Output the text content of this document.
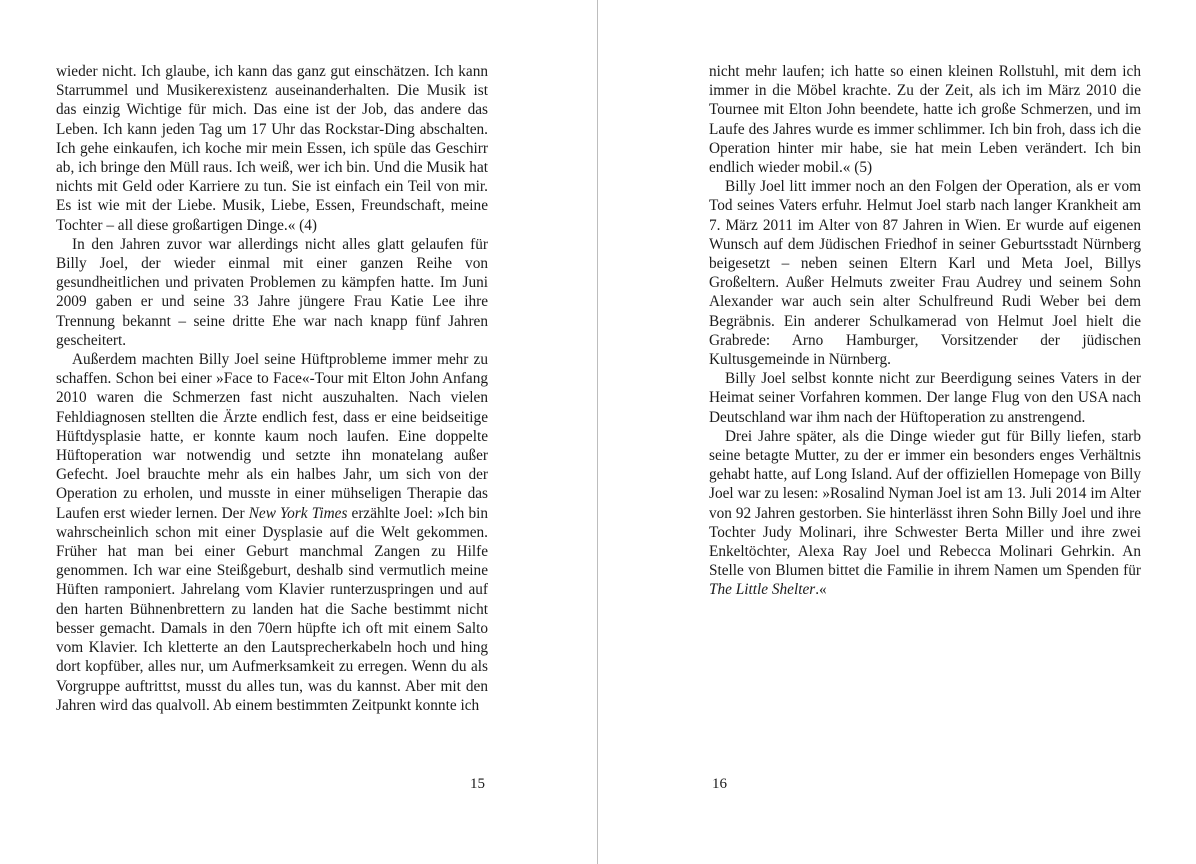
wieder nicht. Ich glaube, ich kann das ganz gut einschätzen. Ich kann Starrummel und Musikerexistenz auseinanderhalten. Die Musik ist das einzig Wichtige für mich. Das eine ist der Job, das andere das Leben. Ich kann jeden Tag um 17 Uhr das Rockstar-Ding abschalten. Ich gehe einkaufen, ich koche mir mein Essen, ich spüle das Geschirr ab, ich bringe den Müll raus. Ich weiß, wer ich bin. Und die Musik hat nichts mit Geld oder Karriere zu tun. Sie ist einfach ein Teil von mir. Es ist wie mit der Liebe. Musik, Liebe, Essen, Freundschaft, meine Tochter – all diese großartigen Dinge.« (4)

In den Jahren zuvor war allerdings nicht alles glatt gelaufen für Billy Joel, der wieder einmal mit einer ganzen Reihe von gesundheitlichen und privaten Problemen zu kämpfen hatte. Im Juni 2009 gaben er und seine 33 Jahre jüngere Frau Katie Lee ihre Trennung bekannt – seine dritte Ehe war nach knapp fünf Jahren gescheitert.

Außerdem machten Billy Joel seine Hüftprobleme immer mehr zu schaffen. Schon bei einer »Face to Face«-Tour mit Elton John Anfang 2010 waren die Schmerzen fast nicht auszuhalten. Nach vielen Fehldiagnosen stellten die Ärzte endlich fest, dass er eine beidseitige Hüftdysplasie hatte, er konnte kaum noch laufen. Eine doppelte Hüftoperation war notwendig und setzte ihn monatelang außer Gefecht. Joel brauchte mehr als ein halbes Jahr, um sich von der Operation zu erholen, und musste in einer mühseligen Therapie das Laufen erst wieder lernen. Der New York Times erzählte Joel: »Ich bin wahrscheinlich schon mit einer Dysplasie auf die Welt gekommen. Früher hat man bei einer Geburt manchmal Zangen zu Hilfe genommen. Ich war eine Steißgeburt, deshalb sind vermutlich meine Hüften ramponiert. Jahrelang vom Klavier runterzuspringen und auf den harten Bühnenbrettern zu landen hat die Sache bestimmt nicht besser gemacht. Damals in den 70ern hüpfte ich oft mit einem Salto vom Klavier. Ich kletterte an den Lautsprecherkabeln hoch und hing dort kopfüber, alles nur, um Aufmerksamkeit zu erregen. Wenn du als Vorgruppe auftrittst, musst du alles tun, was du kannst. Aber mit den Jahren wird das qualvoll. Ab einem bestimmten Zeitpunkt konnte ich

15

nicht mehr laufen; ich hatte so einen kleinen Rollstuhl, mit dem ich immer in die Möbel krachte. Zu der Zeit, als ich im März 2010 die Tournee mit Elton John beendete, hatte ich große Schmerzen, und im Laufe des Jahres wurde es immer schlimmer. Ich bin froh, dass ich die Operation hinter mir habe, sie hat mein Leben verändert. Ich bin endlich wieder mobil.« (5)

Billy Joel litt immer noch an den Folgen der Operation, als er vom Tod seines Vaters erfuhr. Helmut Joel starb nach langer Krankheit am 7. März 2011 im Alter von 87 Jahren in Wien. Er wurde auf eigenen Wunsch auf dem Jüdischen Friedhof in seiner Geburtsstadt Nürnberg beigesetzt – neben seinen Eltern Karl und Meta Joel, Billys Großeltern. Außer Helmuts zweiter Frau Audrey und seinem Sohn Alexander war auch sein alter Schulfreund Rudi Weber bei dem Begräbnis. Ein anderer Schulkamerad von Helmut Joel hielt die Grabrede: Arno Hamburger, Vorsitzender der jüdischen Kultusgemeinde in Nürnberg.

Billy Joel selbst konnte nicht zur Beerdigung seines Vaters in der Heimat seiner Vorfahren kommen. Der lange Flug von den USA nach Deutschland war ihm nach der Hüftoperation zu anstrengend.

Drei Jahre später, als die Dinge wieder gut für Billy liefen, starb seine betagte Mutter, zu der er immer ein besonders enges Verhältnis gehabt hatte, auf Long Island. Auf der offiziellen Homepage von Billy Joel war zu lesen: »Rosalind Nyman Joel ist am 13. Juli 2014 im Alter von 92 Jahren gestorben. Sie hinterlässt ihren Sohn Billy Joel und ihre Tochter Judy Molinari, ihre Schwester Berta Miller und ihre zwei Enkeltöchter, Alexa Ray Joel und Rebecca Molinari Gehrkin. An Stelle von Blumen bittet die Familie in ihrem Namen um Spenden für The Little Shelter.«

16
